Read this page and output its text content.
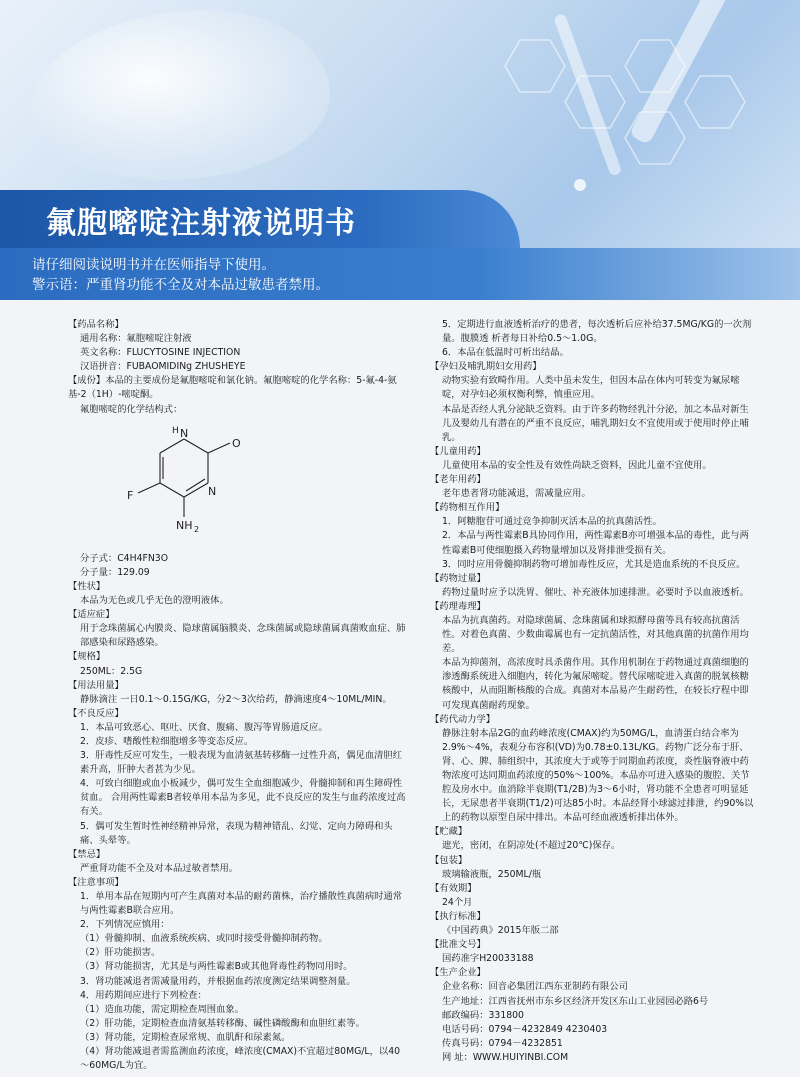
氟胞嘧啶注射液说明书
请仔细阅读说明书并在医师指导下使用。
警示语：严重肾功能不全及对本品过敏患者禁用。

【药品名称】

通用名称：氟胞嘧啶注射液

英文名称：FLUCYTOSINE INJECTION

汉语拼音：FUBAOMIDINg ZHUSHEYE

【成份】本品的主要成份是氟胞嘧啶和氯化钠。氟胞嘧啶的化学名称：5-氟-4-氨基-2（1H）-嘧啶酮。

氟胞嘧啶的化学结构式：

N
H
O
F	N
NH 2

分子式：C4H4FN3O

分子量：129.09

【性状】

本品为无色或几乎无色的澄明液体。

【适应症】

用于念珠菌属心内膜炎、隐球菌属脑膜炎、念珠菌属或隐球菌属真菌败血症、肺部感染和尿路感染。

【规格】

250ML：2.5G

【用法用量】

静脉滴注 一日0.1～0.15G/KG，分2～3次给药，静滴速度4～10ML/MIN。

【不良反应】

1．本品可致恶心、呕吐、厌食、腹痛、腹泻等胃肠道反应。

2．皮疹、嗜酸性粒细胞增多等变态反应。

3．肝毒性反应可发生，一般表现为血清氨基转移酶一过性升高，偶见血清胆红素升高，肝肿大者甚为少见。

4．可致白细胞或血小板减少，偶可发生全血细胞减少，骨髓抑制和再生障碍性贫血。 合用两性霉素B者较单用本品为多见，此不良反应的发生与血药浓度过高有关。

5．偶可发生暂时性神经精神异常，表现为精神错乱、幻觉、定向力障碍和头痛、头晕等。

【禁忌】

严重肾功能不全及对本品过敏者禁用。

【注意事项】

1．单用本品在短期内可产生真菌对本品的耐药菌株，治疗播散性真菌病时通常与两性霉素B联合应用。

2．下列情况应慎用：

（1）骨髓抑制、血液系统疾病、或同时接受骨髓抑制药物。

（2）肝功能损害。

（3）肾功能损害，尤其是与两性霉素B或其他肾毒性药物同用时。

3．肾功能减退者需减量用药，并根据血药浓度测定结果调整剂量。

4．用药期间应进行下列检查：

（1）造血功能，需定期检查周围血象。

（2）肝功能，定期检查血清氨基转移酶、碱性磷酸酶和血胆红素等。

（3）肾功能，定期检查尿常规、血肌酐和尿素氮。

（4）肾功能减退者需监测血药浓度，峰浓度(CMAX)不宜超过80MG/L，以40～60MG/L为宜。

5．定期进行血液透析治疗的患者，每次透析后应补给37.5MG/KG的一次剂量。腹膜透 析者每日补给0.5～1.0G。

6．本品在低温时可析出结晶。

【孕妇及哺乳期妇女用药】

动物实验有致畸作用。人类中虽未发生，但因本品在体内可转变为氟尿嘧啶，对孕妇必须权衡利弊，慎重应用。

本品是否经人乳分泌缺乏资料。由于许多药物经乳汁分泌，加之本品对新生儿及婴幼儿有潜在的严重不良反应，哺乳期妇女不宜使用或于使用时停止哺乳。

【儿童用药】

儿童使用本品的安全性及有效性尚缺乏资料，因此儿童不宜使用。

【老年用药】

老年患者肾功能减退，需减量应用。

【药物相互作用】

1．阿糖胞苷可通过竞争抑制灭活本品的抗真菌活性。

2．本品与两性霉素B具协同作用，两性霉素B亦可增强本品的毒性，此与两性霉素B可使细胞摄入药物量增加以及肾排泄受损有关。

3．同时应用骨髓抑制药物可增加毒性反应，尤其是造血系统的不良反应。

【药物过量】

药物过量时应予以洗胃、催吐、补充液体加速排泄。必要时予以血液透析。

【药理毒理】

本品为抗真菌药。对隐球菌属、念珠菌属和球拟酵母菌等具有较高抗菌活性。对着色真菌、少数曲霉属也有一定抗菌活性，对其他真菌的抗菌作用均差。

本品为抑菌剂，高浓度时具杀菌作用。其作用机制在于药物通过真菌细胞的渗透酶系统进入细胞内，转化为氟尿嘧啶。替代尿嘧啶进入真菌的脱氧核糖核酸中，从而阻断核酸的合成。真菌对本品易产生耐药性，在较长疗程中即可发现真菌耐药现象。

【药代动力学】

静脉注射本品2G的血药峰浓度(CMAX)约为50MG/L，血清蛋白结合率为2.9%～4%，表观分布容积(VD)为0.78±0.13L/KG。药物广泛分布于肝、肾、心、脾、肺组织中，其浓度大于或等于同期血药浓度，炎性脑脊液中药物浓度可达同期血药浓度的50%～100%。本品亦可进入感染的腹腔、关节腔及房水中。血消除半衰期(T1/2B)为3～6小时，肾功能不全患者可明显延长，无尿患者半衰期(T1/2)可达85小时。本品经肾小球滤过排泄，约90%以上的药物以原型自尿中排出。本品可经血液透析排出体外。

【贮藏】

遮光，密闭，在阴凉处(不超过20℃)保存。

【包装】

玻璃输液瓶，250ML/瓶

【有效期】

24个月

【执行标准】

《中国药典》2015年版二部

【批准文号】

国药准字H20033188

【生产企业】

企业名称：回音必集团江西东亚制药有限公司

生产地址：江西省抚州市东乡区经济开发区东山工业园园必路6号

邮政编码：331800

电话号码：0794－4232849 4230403

传真号码：0794－4232851

网 址：WWW.HUIYINBI.COM
